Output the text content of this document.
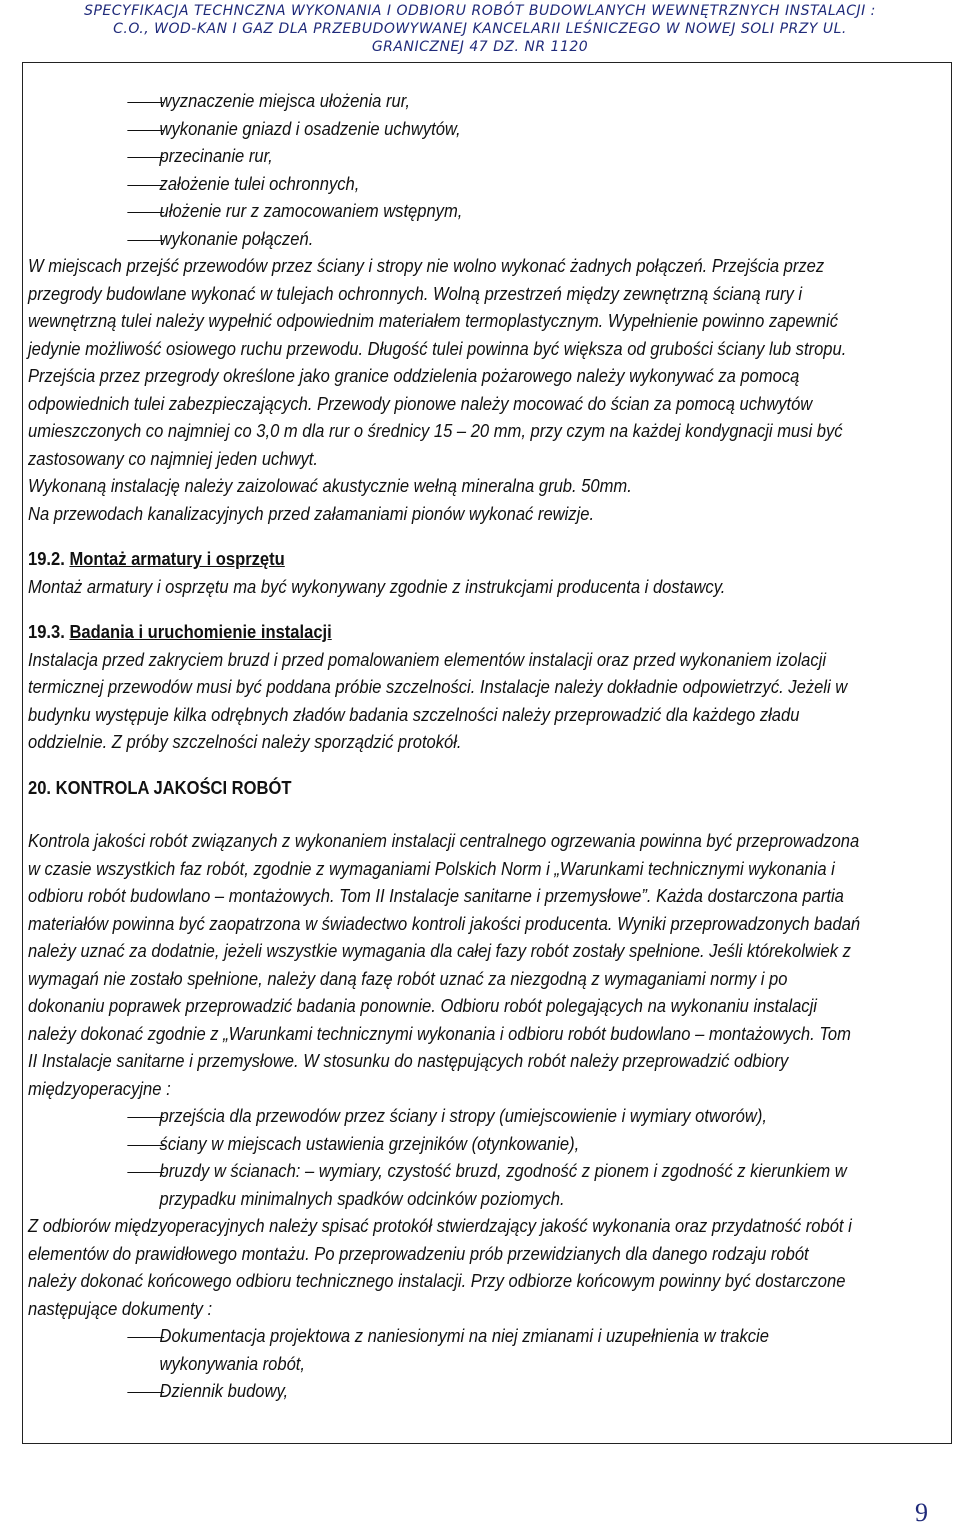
SPECYFIKACJA TECHNCZNA WYKONANIA I ODBIORU ROBÓT BUDOWLANYCH WEWNĘTRZNYCH INSTALACJI :
C.O., WOD-KAN I GAZ DLA PRZEBUDOWYWANEJ KANCELARII LEŚNICZEGO W NOWEJ SOLI PRZY UL.
GRANICZNEJ 47 DZ. NR 1120
wyznaczenie miejsca ułożenia rur,
wykonanie gniazd i osadzenie uchwytów,
przecinanie rur,
założenie tulei ochronnych,
ułożenie rur z zamocowaniem wstępnym,
wykonanie połączeń.

W miejscach przejść przewodów przez ściany i stropy nie wolno wykonać żadnych połączeń. Przejścia przez przegrody budowlane wykonać w tulejach ochronnych. Wolną przestrzeń między zewnętrzną ścianą rury i wewnętrzną tulei należy wypełnić odpowiednim materiałem termoplastycznym. Wypełnienie powinno zapewnić jedynie możliwość osiowego ruchu przewodu. Długość tulei powinna być większa od grubości ściany lub stropu. Przejścia przez przegrody określone jako granice oddzielenia pożarowego należy wykonywać za pomocą odpowiednich tulei zabezpieczających. Przewody pionowe należy mocować do ścian za pomocą uchwytów umieszczonych co najmniej co 3,0 m dla rur o średnicy 15 – 20 mm, przy czym na każdej kondygnacji musi być zastosowany co najmniej jeden uchwyt.

Wykonaną instalację należy zaizolować akustycznie wełną mineralna grub. 50mm.

Na przewodach kanalizacyjnych przed załamaniami pionów wykonać rewizje.

19.2. Montaż armatury i osprzętu

Montaż armatury i osprzętu ma być wykonywany zgodnie z instrukcjami producenta i dostawcy.

19.3. Badania i uruchomienie instalacji

Instalacja przed zakryciem bruzd i przed pomalowaniem elementów instalacji oraz przed wykonaniem izolacji termicznej przewodów musi być poddana próbie szczelności. Instalacje należy dokładnie odpowietrzyć. Jeżeli w budynku występuje kilka odrębnych zładów badania szczelności należy przeprowadzić dla każdego zładu oddzielnie. Z próby szczelności należy sporządzić protokół.

20. KONTROLA JAKOŚCI ROBÓT

Kontrola jakości robót związanych z wykonaniem instalacji centralnego ogrzewania powinna być przeprowadzona w czasie wszystkich faz robót, zgodnie z wymaganiami Polskich Norm i „Warunkami technicznymi wykonania i odbioru robót budowlano – montażowych. Tom II Instalacje sanitarne i przemysłowe”. Każda dostarczona partia materiałów powinna być zaopatrzona w świadectwo kontroli jakości producenta. Wyniki przeprowadzonych badań należy uznać za dodatnie, jeżeli wszystkie wymagania dla całej fazy robót zostały spełnione. Jeśli którekolwiek z wymagań nie zostało spełnione, należy daną fazę robót uznać za niezgodną z wymaganiami normy i po dokonaniu poprawek przeprowadzić badania ponownie. Odbioru robót polegających na wykonaniu instalacji należy dokonać zgodnie z „Warunkami technicznymi wykonania i odbioru robót budowlano – montażowych. Tom II Instalacje sanitarne i przemysłowe. W stosunku do następujących robót należy przeprowadzić odbiory międzyoperacyjne :

przejścia dla przewodów przez ściany i stropy (umiejscowienie i wymiary otworów),
ściany w miejscach ustawienia grzejników (otynkowanie),
bruzdy w ścianach: – wymiary, czystość bruzd, zgodność z pionem i zgodność z kierunkiem w przypadku minimalnych spadków odcinków poziomych.

Z odbiorów międzyoperacyjnych należy spisać protokół stwierdzający jakość wykonania oraz przydatność robót i elementów do prawidłowego montażu. Po przeprowadzeniu prób przewidzianych dla danego rodzaju robót należy dokonać końcowego odbioru technicznego instalacji. Przy odbiorze końcowym powinny być dostarczone następujące dokumenty :

Dokumentacja projektowa z naniesionymi na niej zmianami i uzupełnienia w trakcie wykonywania robót,
Dziennik budowy,
9
